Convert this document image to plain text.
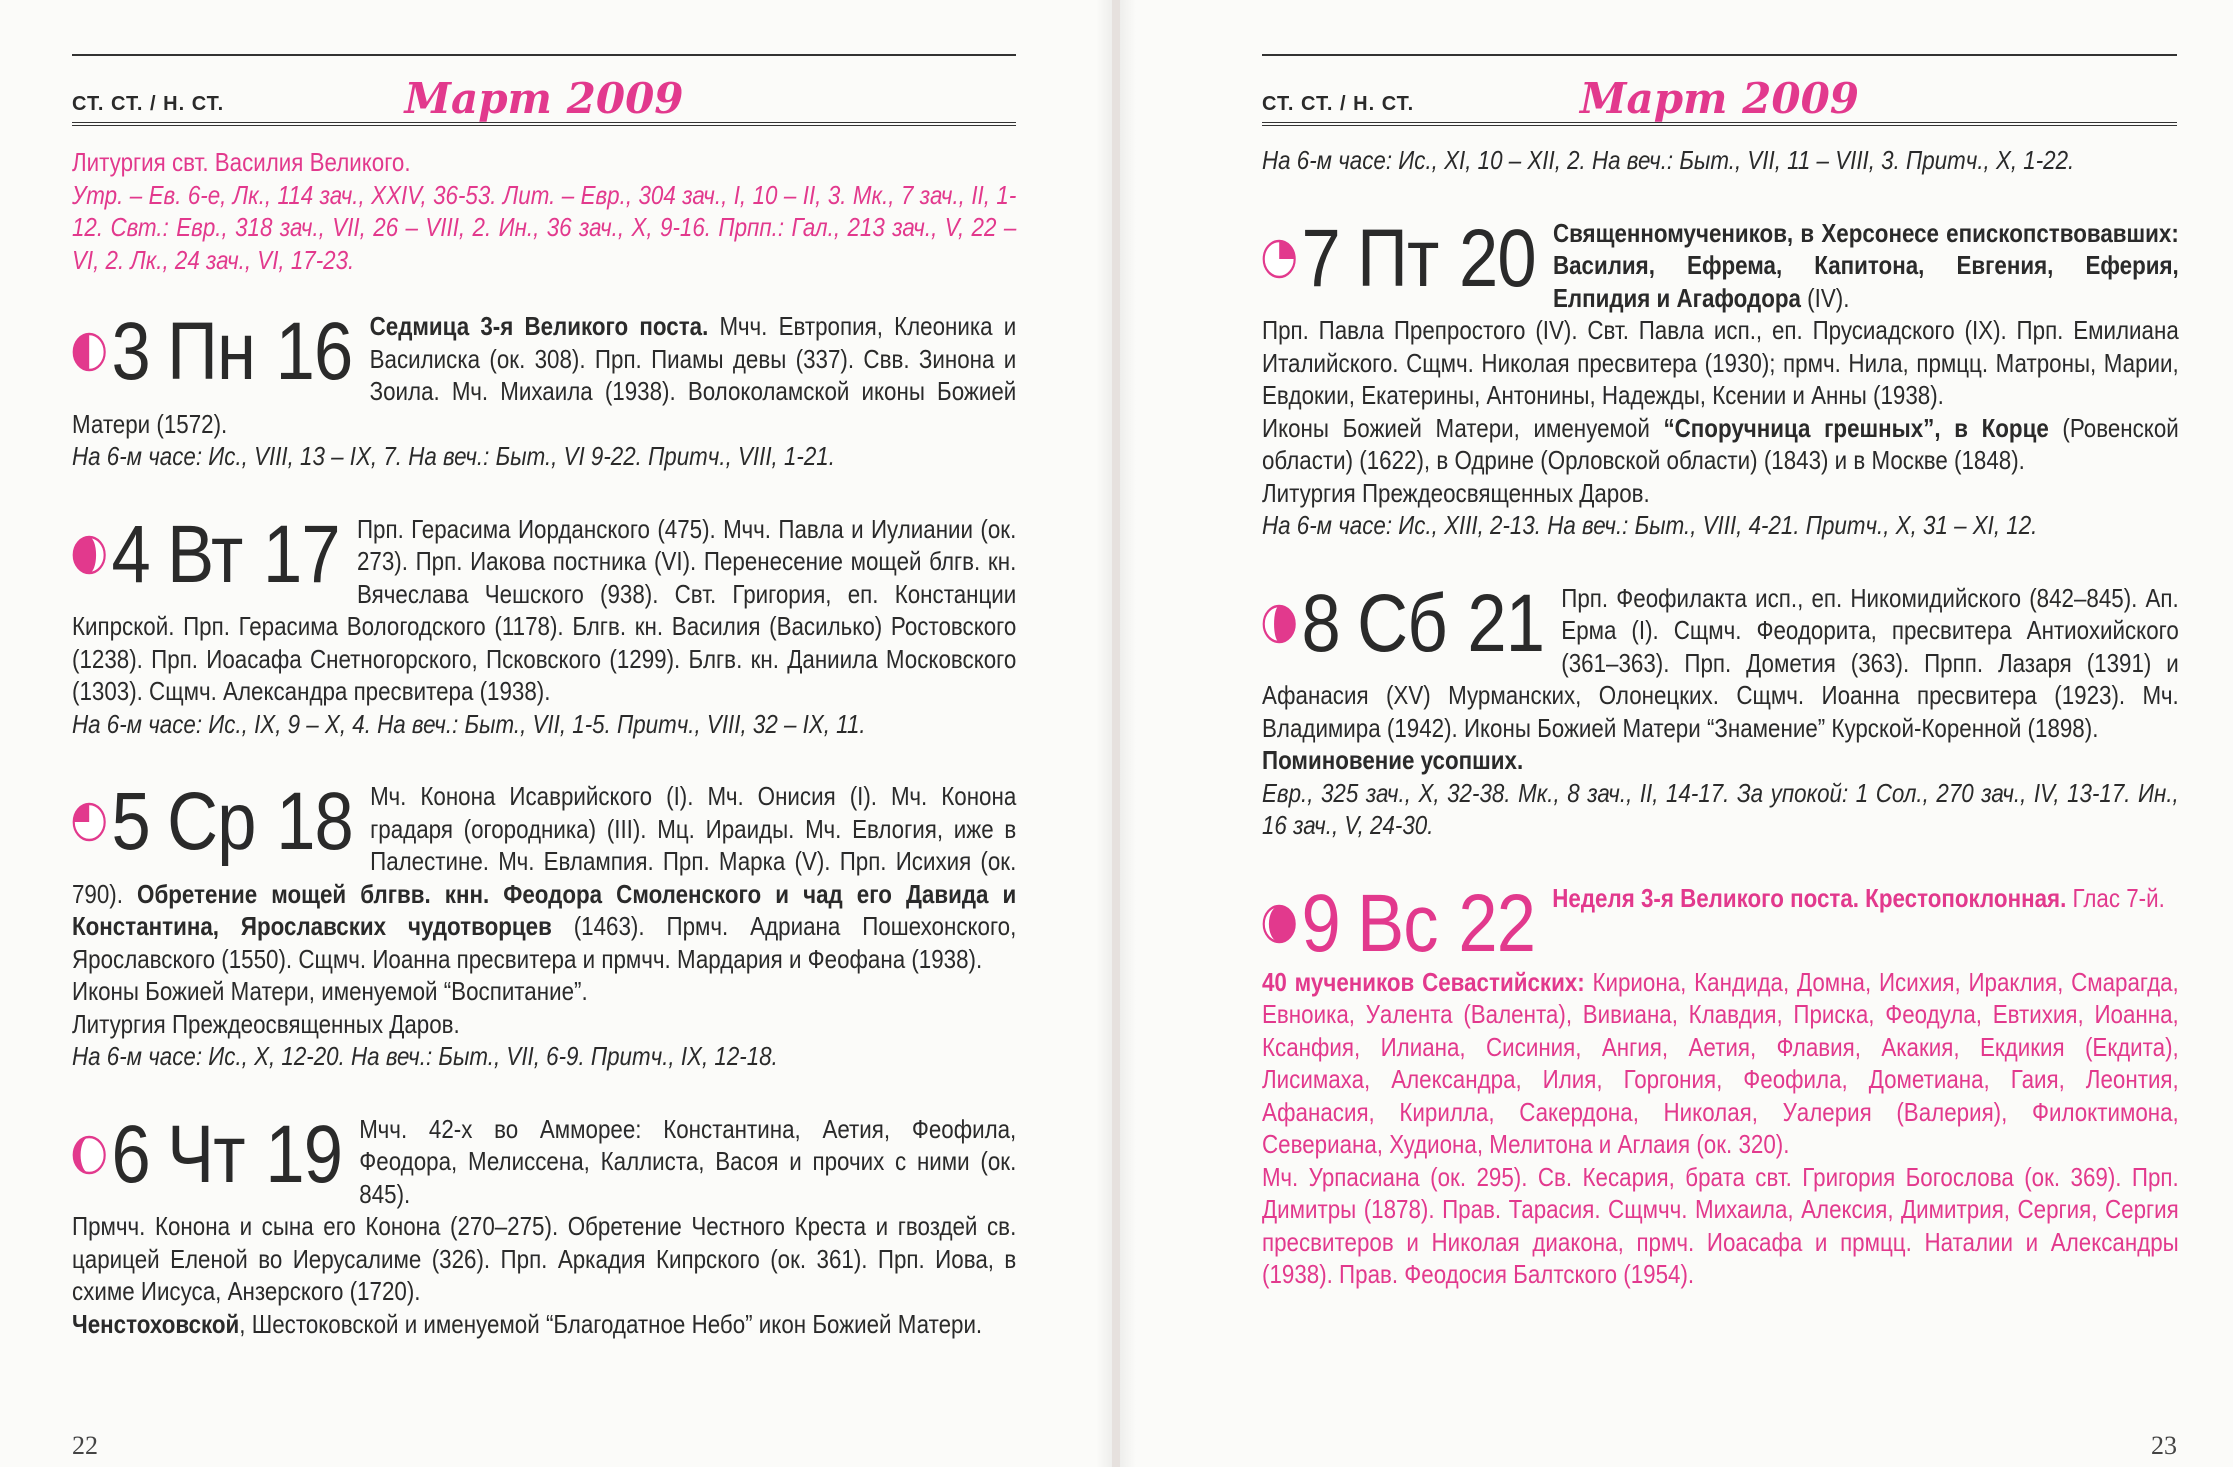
СТ. СТ. / Н. СТ.	Март 2009

Литургия свт. Василия Великого.

Утр. – Ев. 6-е, Лк., 114 зач., XXIV, 36-53. Лит. – Евр., 304 зач., I, 10 – II, 3. Мк., 7 зач., II, 1-12. Свт.: Евр., 318 зач., VII, 26 – VIII, 2. Ин., 36 зач., X, 9-16. Прпп.: Гал., 213 зач., V, 22 – VI, 2. Лк., 24 зач., VI, 17-23.

3 Пн 16 Седмица 3-я Великого поста. Мчч. Евтропия, Клеоника и Василиска (ок. 308). Прп. Пиамы девы (337). Свв. Зинона и Зоила. Мч. Михаила (1938). Волоколамской иконы Божией Матери (1572).

На 6-м часе: Ис., VIII, 13 – IX, 7. На веч.: Быт., VI 9-22. Притч., VIII, 1-21.

4 Вт 17 Прп. Герасима Иорданского (475). Мчч. Павла и Иулиании (ок. 273). Прп. Иакова постника (VI). Перенесение мощей блгв. кн. Вячеслава Чешского (938). Свт. Григория, еп. Констанции Кипрской. Прп. Герасима Вологодского (1178). Блгв. кн. Василия (Василько) Ростовского (1238). Прп. Иоасафа Снетногорского, Псковского (1299). Блгв. кн. Даниила Московского (1303). Сщмч. Александра пресвитера (1938).

На 6-м часе: Ис., IX, 9 – X, 4. На веч.: Быт., VII, 1-5. Притч., VIII, 32 – IX, 11.

5 Ср 18 Мч. Конона Исаврийского (I). Мч. Онисия (I). Мч. Конона градаря (огородника) (III). Мц. Ираиды. Мч. Евлогия, иже в Палестине. Мч. Евлампия. Прп. Марка (V). Прп. Исихия (ок. 790). Обретение мощей блгвв. кнн. Феодора Смоленского и чад его Давида и Константина, Ярославских чудотворцев (1463). Прмч. Адриана Пошехонского, Ярославского (1550). Сщмч. Иоанна пресвитера и прмчч. Мардария и Феофана (1938).

Иконы Божией Матери, именуемой “Воспитание”.

Литургия Преждеосвященных Даров.

На 6-м часе: Ис., X, 12-20. На веч.: Быт., VII, 6-9. Притч., IX, 12-18.

6 Чт 19 Мчч. 42-х во Амморее: Константина, Аетия, Феофила, Феодора, Мелиссена, Каллиста, Васоя и прочих с ними (ок. 845).

Прмчч. Конона и сына его Конона (270–275). Обретение Честного Креста и гвоздей св. царицей Еленой во Иерусалиме (326). Прп. Аркадия Кипрского (ок. 361). Прп. Иова, в схиме Иисуса, Анзерского (1720).

Ченстоховской, Шестоковской и именуемой “Благодатное Небо” икон Божией Матери.

22
СТ. СТ. / Н. СТ.	Март 2009

На 6-м часе: Ис., XI, 10 – XII, 2. На веч.: Быт., VII, 11 – VIII, 3. Притч., X, 1-22.

7 Пт 20 Священномучеников, в Херсонесе епископствовавших: Василия, Ефрема, Капитона, Евгения, Еферия, Елпидия и Агафодора (IV).

Прп. Павла Препростого (IV). Свт. Павла исп., еп. Прусиадского (IX). Прп. Емилиана Италийского. Сщмч. Николая пресвитера (1930); прмч. Нила, прмцц. Матроны, Марии, Евдокии, Екатерины, Антонины, Надежды, Ксении и Анны (1938).

Иконы Божией Матери, именуемой “Споручница грешных”, в Корце (Ровенской области) (1622), в Одрине (Орловской области) (1843) и в Москве (1848).

Литургия Преждеосвященных Даров.

На 6-м часе: Ис., XIII, 2-13. На веч.: Быт., VIII, 4-21. Притч., X, 31 – XI, 12.

8 Сб 21 Прп. Феофилакта исп., еп. Никомидийского (842–845). Ап. Ерма (I). Сщмч. Феодорита, пресвитера Антиохийского (361–363). Прп. Дометия (363). Прпп. Лазаря (1391) и Афанасия (XV) Мурманских, Олонецких. Сщмч. Иоанна пресвитера (1923). Мч. Владимира (1942). Иконы Божией Матери “Знамение” Курской-Коренной (1898).

Поминовение усопших.

Евр., 325 зач., X, 32-38. Мк., 8 зач., II, 14-17. За упокой: 1 Сол., 270 зач., IV, 13-17. Ин., 16 зач., V, 24-30.

9 Вс 22 Неделя 3-я Великого поста. Крестопоклонная. Глас 7-й.

40 мучеников Севастийских: Кириона, Кандида, Домна, Исихия, Ираклия, Смарагда, Евноика, Уалента (Валента), Вивиана, Клавдия, Приска, Феодула, Евтихия, Иоанна, Ксанфия, Илиана, Сисиния, Ангия, Аетия, Флавия, Акакия, Екдикия (Екдита), Лисимаха, Александра, Илия, Горгония, Феофила, Дометиана, Гаия, Леонтия, Афанасия, Кирилла, Сакердона, Николая, Уалерия (Валерия), Филоктимона, Севериана, Худиона, Мелитона и Аглаия (ок. 320).

Мч. Урпасиана (ок. 295). Св. Кесария, брата свт. Григория Богослова (ок. 369). Прп. Димитры (1878). Прав. Тарасия. Сщмчч. Михаила, Алексия, Димитрия, Сергия, Сергия пресвитеров и Николая диакона, прмч. Иоасафа и прмцц. Наталии и Александры (1938). Прав. Феодосия Балтского (1954).

23
